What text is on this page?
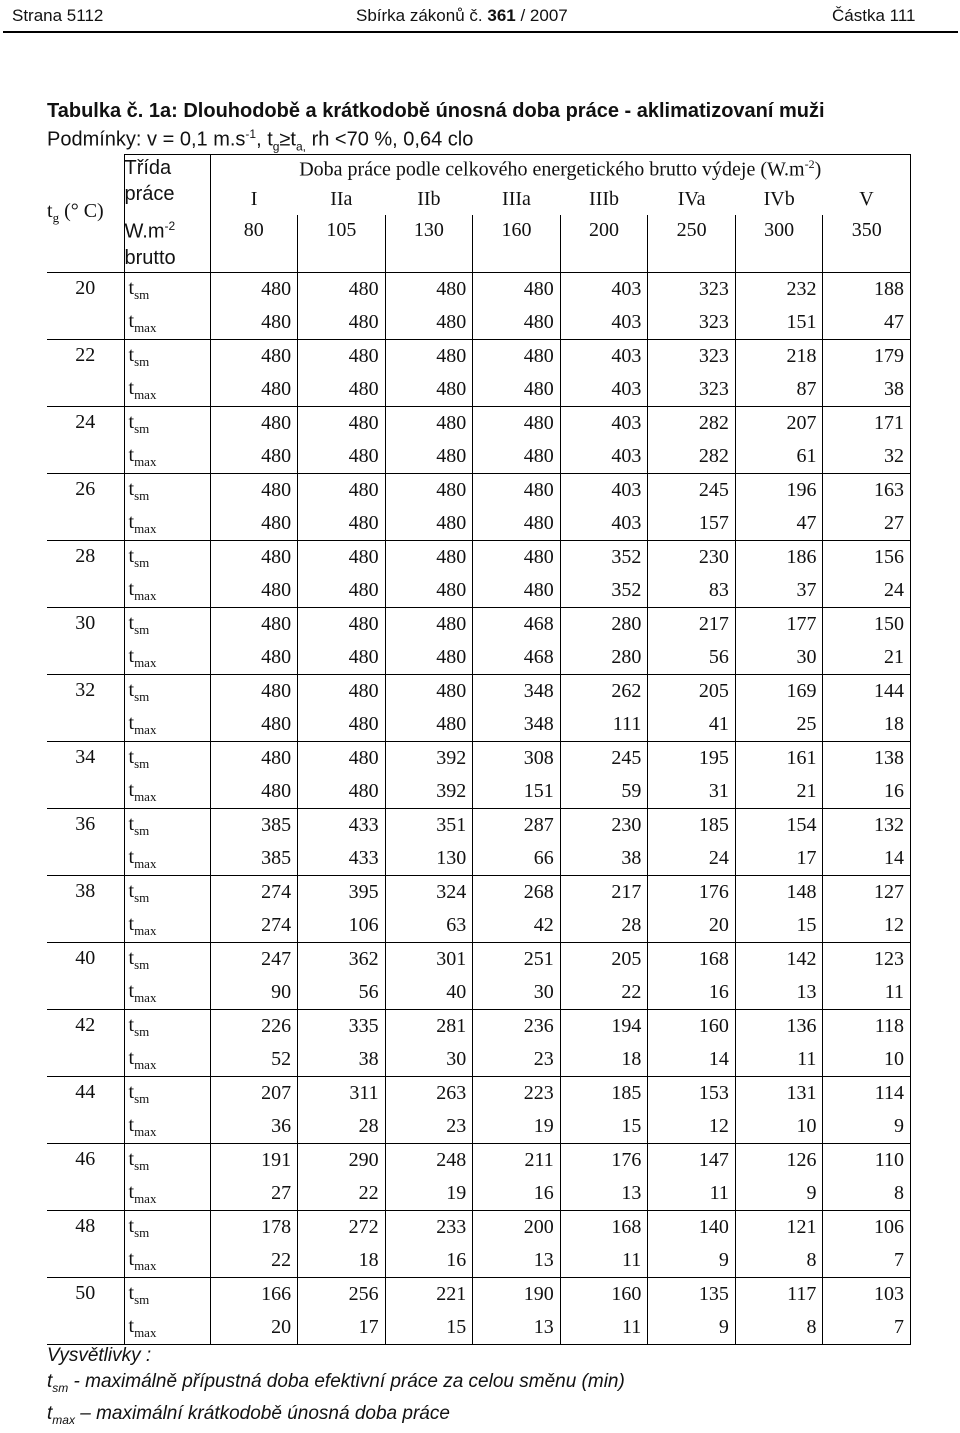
Strana 5112	Sbírka zákonů č. 361 / 2007	Částka 111
Tabulka č. 1a: Dlouhodobě a krátkodobě únosná doba práce - aklimatizovaní muži
Podmínky: v = 0,1 $m.s^{-1}$, $t_g\ge t_{a,}$ rh <70 %, 0,64 clo
$t_g$ (° C)	Třída
práce
$W.m^{-2}$
brutto	Doba práce podle celkového energetického brutto výdeje $(W.m^{-2})$							
		I	IIa	IIb	IIIa	IIIb	IVa	IVb	V
		80	105	130	160	200	250	300	350
20	$t_{sm}$	480	480	480	480	403	323	232	188
	$t_{max}$	480	480	480	480	403	323	151	47
22	$t_{sm}$	480	480	480	480	403	323	218	179
	$t_{max}$	480	480	480	480	403	323	87	38
24	$t_{sm}$	480	480	480	480	403	282	207	171
	$t_{max}$	480	480	480	480	403	282	61	32
26	$t_{sm}$	480	480	480	480	403	245	196	163
	$t_{max}$	480	480	480	480	403	157	47	27
28	$t_{sm}$	480	480	480	480	352	230	186	156
	$t_{max}$	480	480	480	480	352	83	37	24
30	$t_{sm}$	480	480	480	468	280	217	177	150
	$t_{max}$	480	480	480	468	280	56	30	21
32	$t_{sm}$	480	480	480	348	262	205	169	144
	$t_{max}$	480	480	480	348	111	41	25	18
34	$t_{sm}$	480	480	392	308	245	195	161	138
	$t_{max}$	480	480	392	151	59	31	21	16
36	$t_{sm}$	385	433	351	287	230	185	154	132
	$t_{max}$	385	433	130	66	38	24	17	14
38	$t_{sm}$	274	395	324	268	217	176	148	127
	$t_{max}$	274	106	63	42	28	20	15	12
40	$t_{sm}$	247	362	301	251	205	168	142	123
	$t_{max}$	90	56	40	30	22	16	13	11
42	$t_{sm}$	226	335	281	236	194	160	136	118
	$t_{max}$	52	38	30	23	18	14	11	10
44	$t_{sm}$	207	311	263	223	185	153	131	114
	$t_{max}$	36	28	23	19	15	12	10	9
46	$t_{sm}$	191	290	248	211	176	147	126	110
	$t_{max}$	27	22	19	16	13	11	9	8
48	$t_{sm}$	178	272	233	200	168	140	121	106
	$t_{max}$	22	18	16	13	11	9	8	7
50	$t_{sm}$	166	256	221	190	160	135	117	103
	$t_{max}$	20	17	15	13	11	9	8	7
Vysvětlivky :
$t_{sm}$ - maximálně přípustná doba efektivní práce za celou směnu (min)
$t_{max}$ – maximální krátkodobě únosná doba práce
